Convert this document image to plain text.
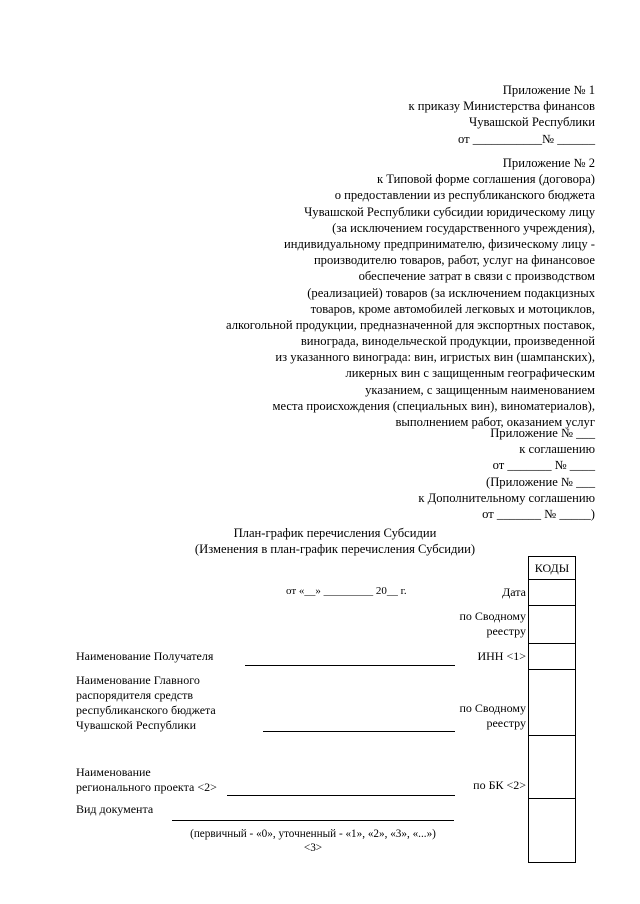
Приложение № 1
к приказу Министерства финансов
Чувашской Республики
от ___________№ ______
Приложение № 2
к Типовой форме соглашения (договора)
о предоставлении из республиканского бюджета
Чувашской Республики субсидии юридическому лицу
(за исключением государственного учреждения),
индивидуальному предпринимателю, физическому лицу -
производителю товаров, работ, услуг на финансовое
обеспечение затрат в связи с производством
(реализацией) товаров (за исключением подакцизных
товаров, кроме автомобилей легковых и мотоциклов,
алкогольной продукции, предназначенной для экспортных поставок,
винограда, винодельческой продукции, произведенной
из указанного винограда: вин, игристых вин (шампанских),
ликерных вин с защищенным географическим
указанием, с защищенным наименованием
места происхождения (специальных вин), виноматериалов),
выполнением работ, оказанием услуг
Приложение № ___
к соглашению
от _______ № ____
(Приложение № ___
к Дополнительному соглашению
от _______ № _____)
План-график перечисления Субсидии
(Изменения в план-график перечисления Субсидии)
КОДЫ
от «__» _________ 20__ г.	Дата
по Сводному
реестру
Наименование Получателя	ИНН <1>
Наименование Главного
распорядителя средств
республиканского бюджета
Чувашской Республики
по Сводному
реестру
Наименование
регионального проекта <2>	по БК <2>
Вид документа
(первичный - «0», уточненный - «1», «2», «3», «...»)
<3>
